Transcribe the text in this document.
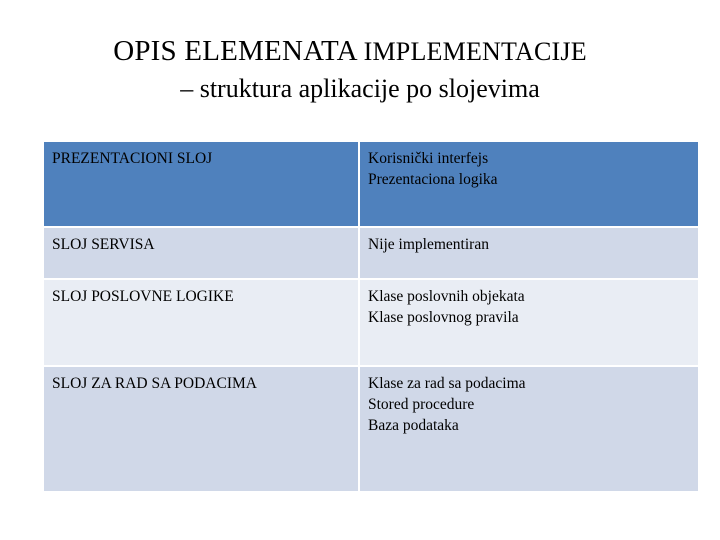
OPIS ELEMENATA IMPLEMENTACIJE
– struktura aplikacije po slojevima
PREZENTACIONI SLOJ	Korisnički interfejs
Prezentaciona logika

SLOJ SERVISA	Nije implementiran

SLOJ POSLOVNE LOGIKE	Klase poslovnih objekata
Klase poslovnog pravila

SLOJ ZA RAD SA PODACIMA	Klase za rad sa podacima
Stored procedure
Baza podataka
